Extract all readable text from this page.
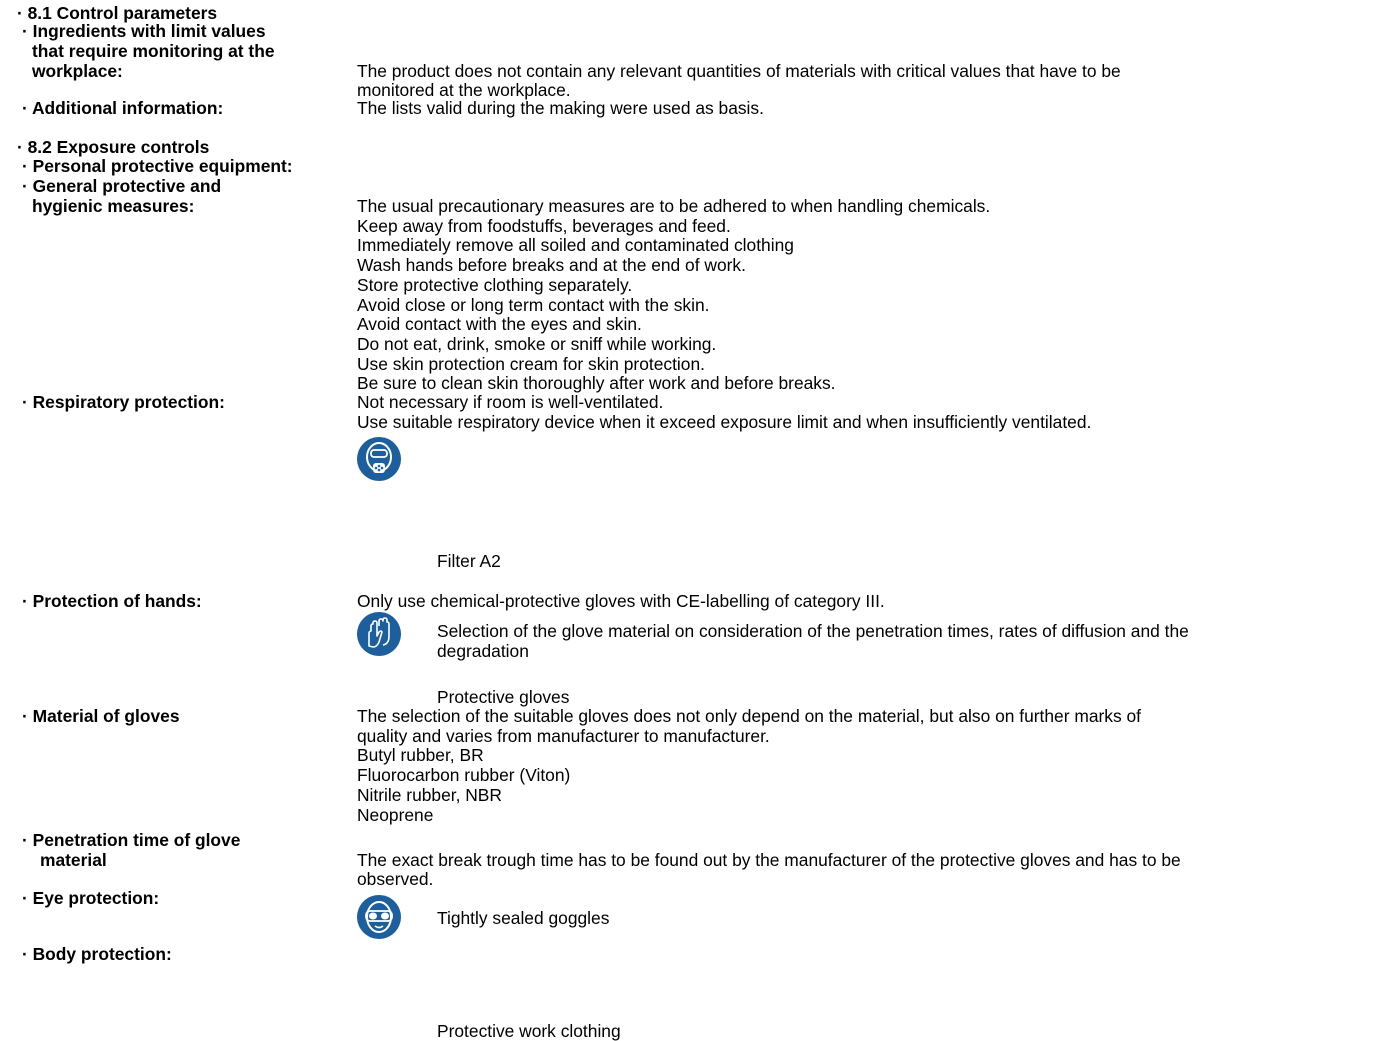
· 8.1 Control parameters
· Ingredients with limit values
that require monitoring at the
workplace:	The product does not contain any relevant quantities of materials with critical values that have to be
monitored at the workplace.
· Additional information:	The lists valid during the making were used as basis.
· 8.2 Exposure controls
· Personal protective equipment:
· General protective and
hygienic measures:	The usual precautionary measures are to be adhered to when handling chemicals.
Keep away from foodstuffs, beverages and feed.
Immediately remove all soiled and contaminated clothing
Wash hands before breaks and at the end of work.
Store protective clothing separately.
Avoid close or long term contact with the skin.
Avoid contact with the eyes and skin.
Do not eat, drink, smoke or sniff while working.
Use skin protection cream for skin protection.
Be sure to clean skin thoroughly after work and before breaks.
· Respiratory protection:	Not necessary if room is well-ventilated.
Use suitable respiratory device when it exceed exposure limit and when insufficiently ventilated.
Filter A2
· Protection of hands:	Only use chemical-protective gloves with CE-labelling of category III.
Selection of the glove material on consideration of the penetration times, rates of diffusion and the
degradation
Protective gloves
· Material of gloves	The selection of the suitable gloves does not only depend on the material, but also on further marks of
quality and varies from manufacturer to manufacturer.
Butyl rubber, BR
Fluorocarbon rubber (Viton)
Nitrile rubber, NBR
Neoprene
· Penetration time of glove
material	The exact break trough time has to be found out by the manufacturer of the protective gloves and has to be
observed.
· Eye protection:
Tightly sealed goggles
· Body protection:
Protective work clothing
